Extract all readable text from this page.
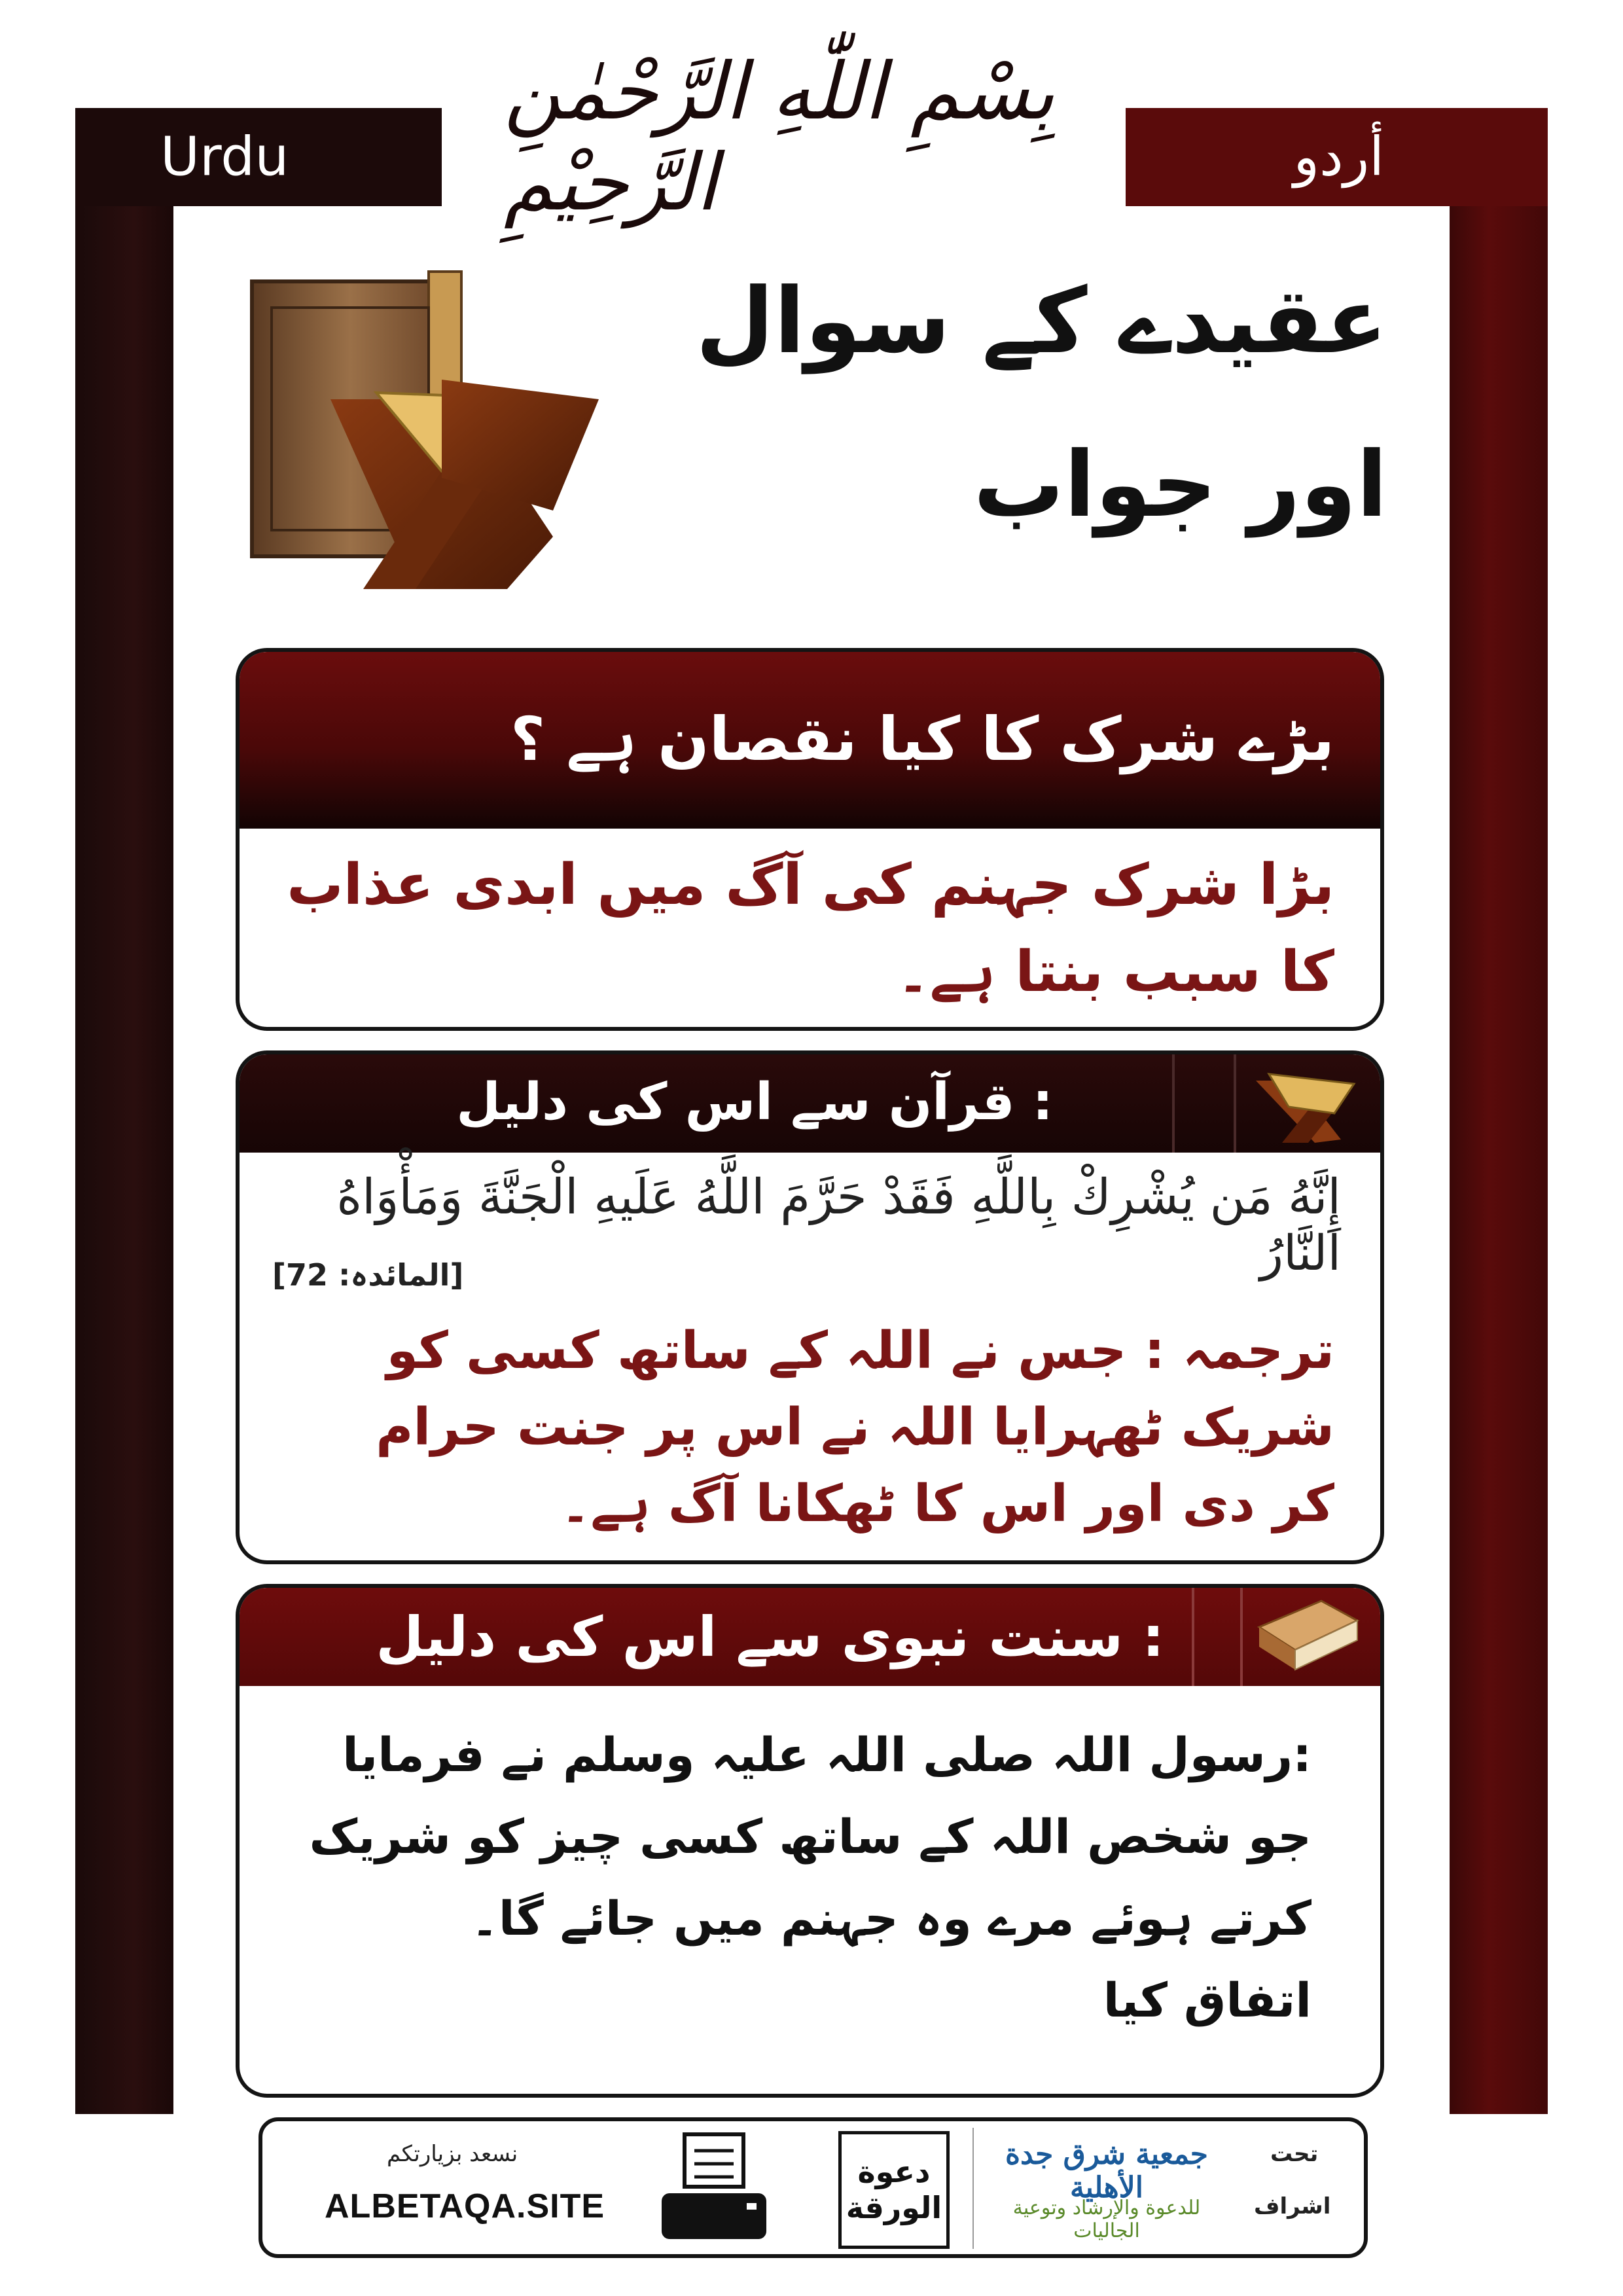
Urdu	أردو
بِسْمِ اللّٰهِ الرَّحْمٰنِ الرَّحِيْمِ
عقیدے کے سوال
اور جواب
بڑے شرک کا کیا نقصان ہے ؟
بڑا شرک جہنم کی آگ میں ابدی عذاب کا سبب بنتا ہے۔
قرآن سے اس کی دلیل :
إِنَّهُ مَن يُشْرِكْ بِاللَّهِ فَقَدْ حَرَّمَ اللَّهُ عَلَيهِ الْجَنَّةَ وَمَأْوَاهُ النَّارُ
[المائدہ: 72]
ترجمہ : جس نے اللہ کے ساتھ کسی کو شریک ٹھہرایا اللہ نے اس پر جنت حرام کر دی اور اس کا ٹھکانا آگ ہے۔
سنت نبوی سے اس کی دلیل :
رسول اللہ صلی اللہ علیہ وسلم نے فرمایا:
جو شخص اللہ کے ساتھ کسی چیز کو شریک
کرتے ہوئے مرے وہ جہنم میں جائے گا۔
اتفاق کیا
نسعد بزيارتكم
ALBETAQA.SITE
دعوة الورقة
جمعية شرق جدة الأهلية
للدعوة والإرشاد وتوعية الجاليات
تحت
اشراف
